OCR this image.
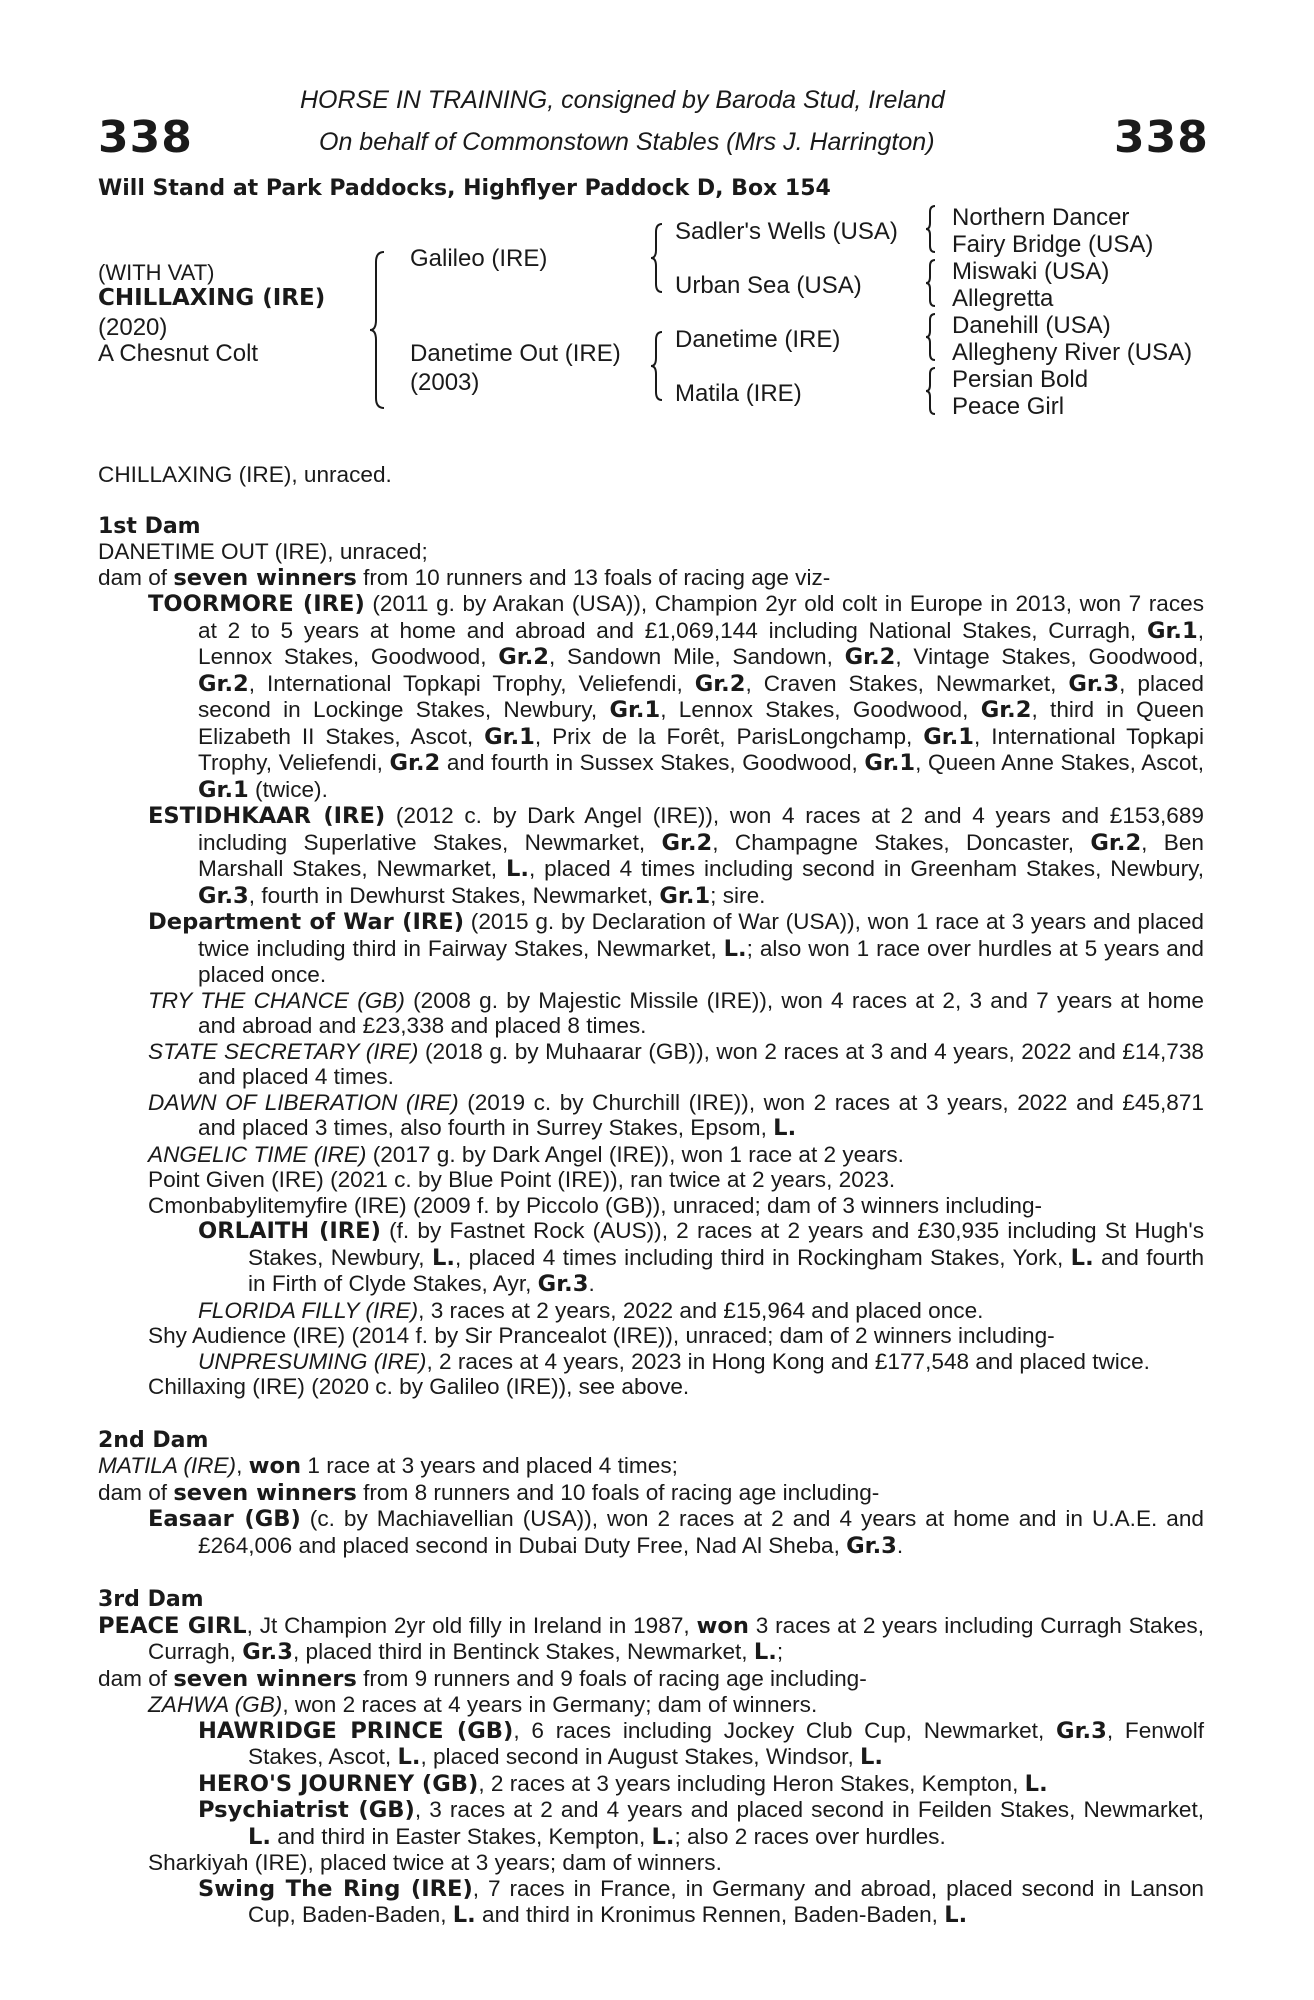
338	338
HORSE IN TRAINING, consigned by Baroda Stud, Ireland
On behalf of Commonstown Stables (Mrs J. Harrington)
Will Stand at Park Paddocks, Highflyer Paddock D, Box 154
(WITH VAT)
CHILLAXING (IRE)
(2020)
A Chesnut Colt
Galileo (IRE)
Danetime Out (IRE)
(2003)
Sadler's Wells (USA)
Urban Sea (USA)
Danetime (IRE)
Matila (IRE)
Northern Dancer
Fairy Bridge (USA)
Miswaki (USA)
Allegretta
Danehill (USA)
Allegheny River (USA)
Persian Bold
Peace Girl

CHILLAXING (IRE), unraced.

1st Dam

DANETIME OUT (IRE), unraced;

dam of seven winners from 10 runners and 13 foals of racing age viz-

TOORMORE (IRE) (2011 g. by Arakan (USA)), Champion 2yr old colt in Europe in 2013, won 7 races at 2 to 5 years at home and abroad and £1,069,144 including National Stakes, Curragh, Gr.1, Lennox Stakes, Goodwood, Gr.2, Sandown Mile, Sandown, Gr.2, Vintage Stakes, Goodwood, Gr.2, International Topkapi Trophy, Veliefendi, Gr.2, Craven Stakes, Newmarket, Gr.3, placed second in Lockinge Stakes, Newbury, Gr.1, Lennox Stakes, Goodwood, Gr.2, third in Queen Elizabeth II Stakes, Ascot, Gr.1, Prix de la Forêt, ParisLongchamp, Gr.1, International Topkapi Trophy, Veliefendi, Gr.2 and fourth in Sussex Stakes, Goodwood, Gr.1, Queen Anne Stakes, Ascot, Gr.1 (twice).

ESTIDHKAAR (IRE) (2012 c. by Dark Angel (IRE)), won 4 races at 2 and 4 years and £153,689 including Superlative Stakes, Newmarket, Gr.2, Champagne Stakes, Doncaster, Gr.2, Ben Marshall Stakes, Newmarket, L., placed 4 times including second in Greenham Stakes, Newbury, Gr.3, fourth in Dewhurst Stakes, Newmarket, Gr.1; sire.

Department of War (IRE) (2015 g. by Declaration of War (USA)), won 1 race at 3 years and placed twice including third in Fairway Stakes, Newmarket, L.; also won 1 race over hurdles at 5 years and placed once.

TRY THE CHANCE (GB) (2008 g. by Majestic Missile (IRE)), won 4 races at 2, 3 and 7 years at home and abroad and £23,338 and placed 8 times.

STATE SECRETARY (IRE) (2018 g. by Muhaarar (GB)), won 2 races at 3 and 4 years, 2022 and £14,738 and placed 4 times.

DAWN OF LIBERATION (IRE) (2019 c. by Churchill (IRE)), won 2 races at 3 years, 2022 and £45,871 and placed 3 times, also fourth in Surrey Stakes, Epsom, L.

ANGELIC TIME (IRE) (2017 g. by Dark Angel (IRE)), won 1 race at 2 years.

Point Given (IRE) (2021 c. by Blue Point (IRE)), ran twice at 2 years, 2023.

Cmonbabylitemyfire (IRE) (2009 f. by Piccolo (GB)), unraced; dam of 3 winners including-

ORLAITH (IRE) (f. by Fastnet Rock (AUS)), 2 races at 2 years and £30,935 including St Hugh's Stakes, Newbury, L., placed 4 times including third in Rockingham Stakes, York, L. and fourth in Firth of Clyde Stakes, Ayr, Gr.3.

FLORIDA FILLY (IRE), 3 races at 2 years, 2022 and £15,964 and placed once.

Shy Audience (IRE) (2014 f. by Sir Prancealot (IRE)), unraced; dam of 2 winners including-

UNPRESUMING (IRE), 2 races at 4 years, 2023 in Hong Kong and £177,548 and placed twice.

Chillaxing (IRE) (2020 c. by Galileo (IRE)), see above.

2nd Dam

MATILA (IRE), won 1 race at 3 years and placed 4 times;

dam of seven winners from 8 runners and 10 foals of racing age including-

Easaar (GB) (c. by Machiavellian (USA)), won 2 races at 2 and 4 years at home and in U.A.E. and £264,006 and placed second in Dubai Duty Free, Nad Al Sheba, Gr.3.

3rd Dam

PEACE GIRL, Jt Champion 2yr old filly in Ireland in 1987, won 3 races at 2 years including Curragh Stakes, Curragh, Gr.3, placed third in Bentinck Stakes, Newmarket, L.;

dam of seven winners from 9 runners and 9 foals of racing age including-

ZAHWA (GB), won 2 races at 4 years in Germany; dam of winners.

HAWRIDGE PRINCE (GB), 6 races including Jockey Club Cup, Newmarket, Gr.3, Fenwolf Stakes, Ascot, L., placed second in August Stakes, Windsor, L.

HERO'S JOURNEY (GB), 2 races at 3 years including Heron Stakes, Kempton, L.

Psychiatrist (GB), 3 races at 2 and 4 years and placed second in Feilden Stakes, Newmarket, L. and third in Easter Stakes, Kempton, L.; also 2 races over hurdles.

Sharkiyah (IRE), placed twice at 3 years; dam of winners.

Swing The Ring (IRE), 7 races in France, in Germany and abroad, placed second in Lanson Cup, Baden-Baden, L. and third in Kronimus Rennen, Baden-Baden, L.
